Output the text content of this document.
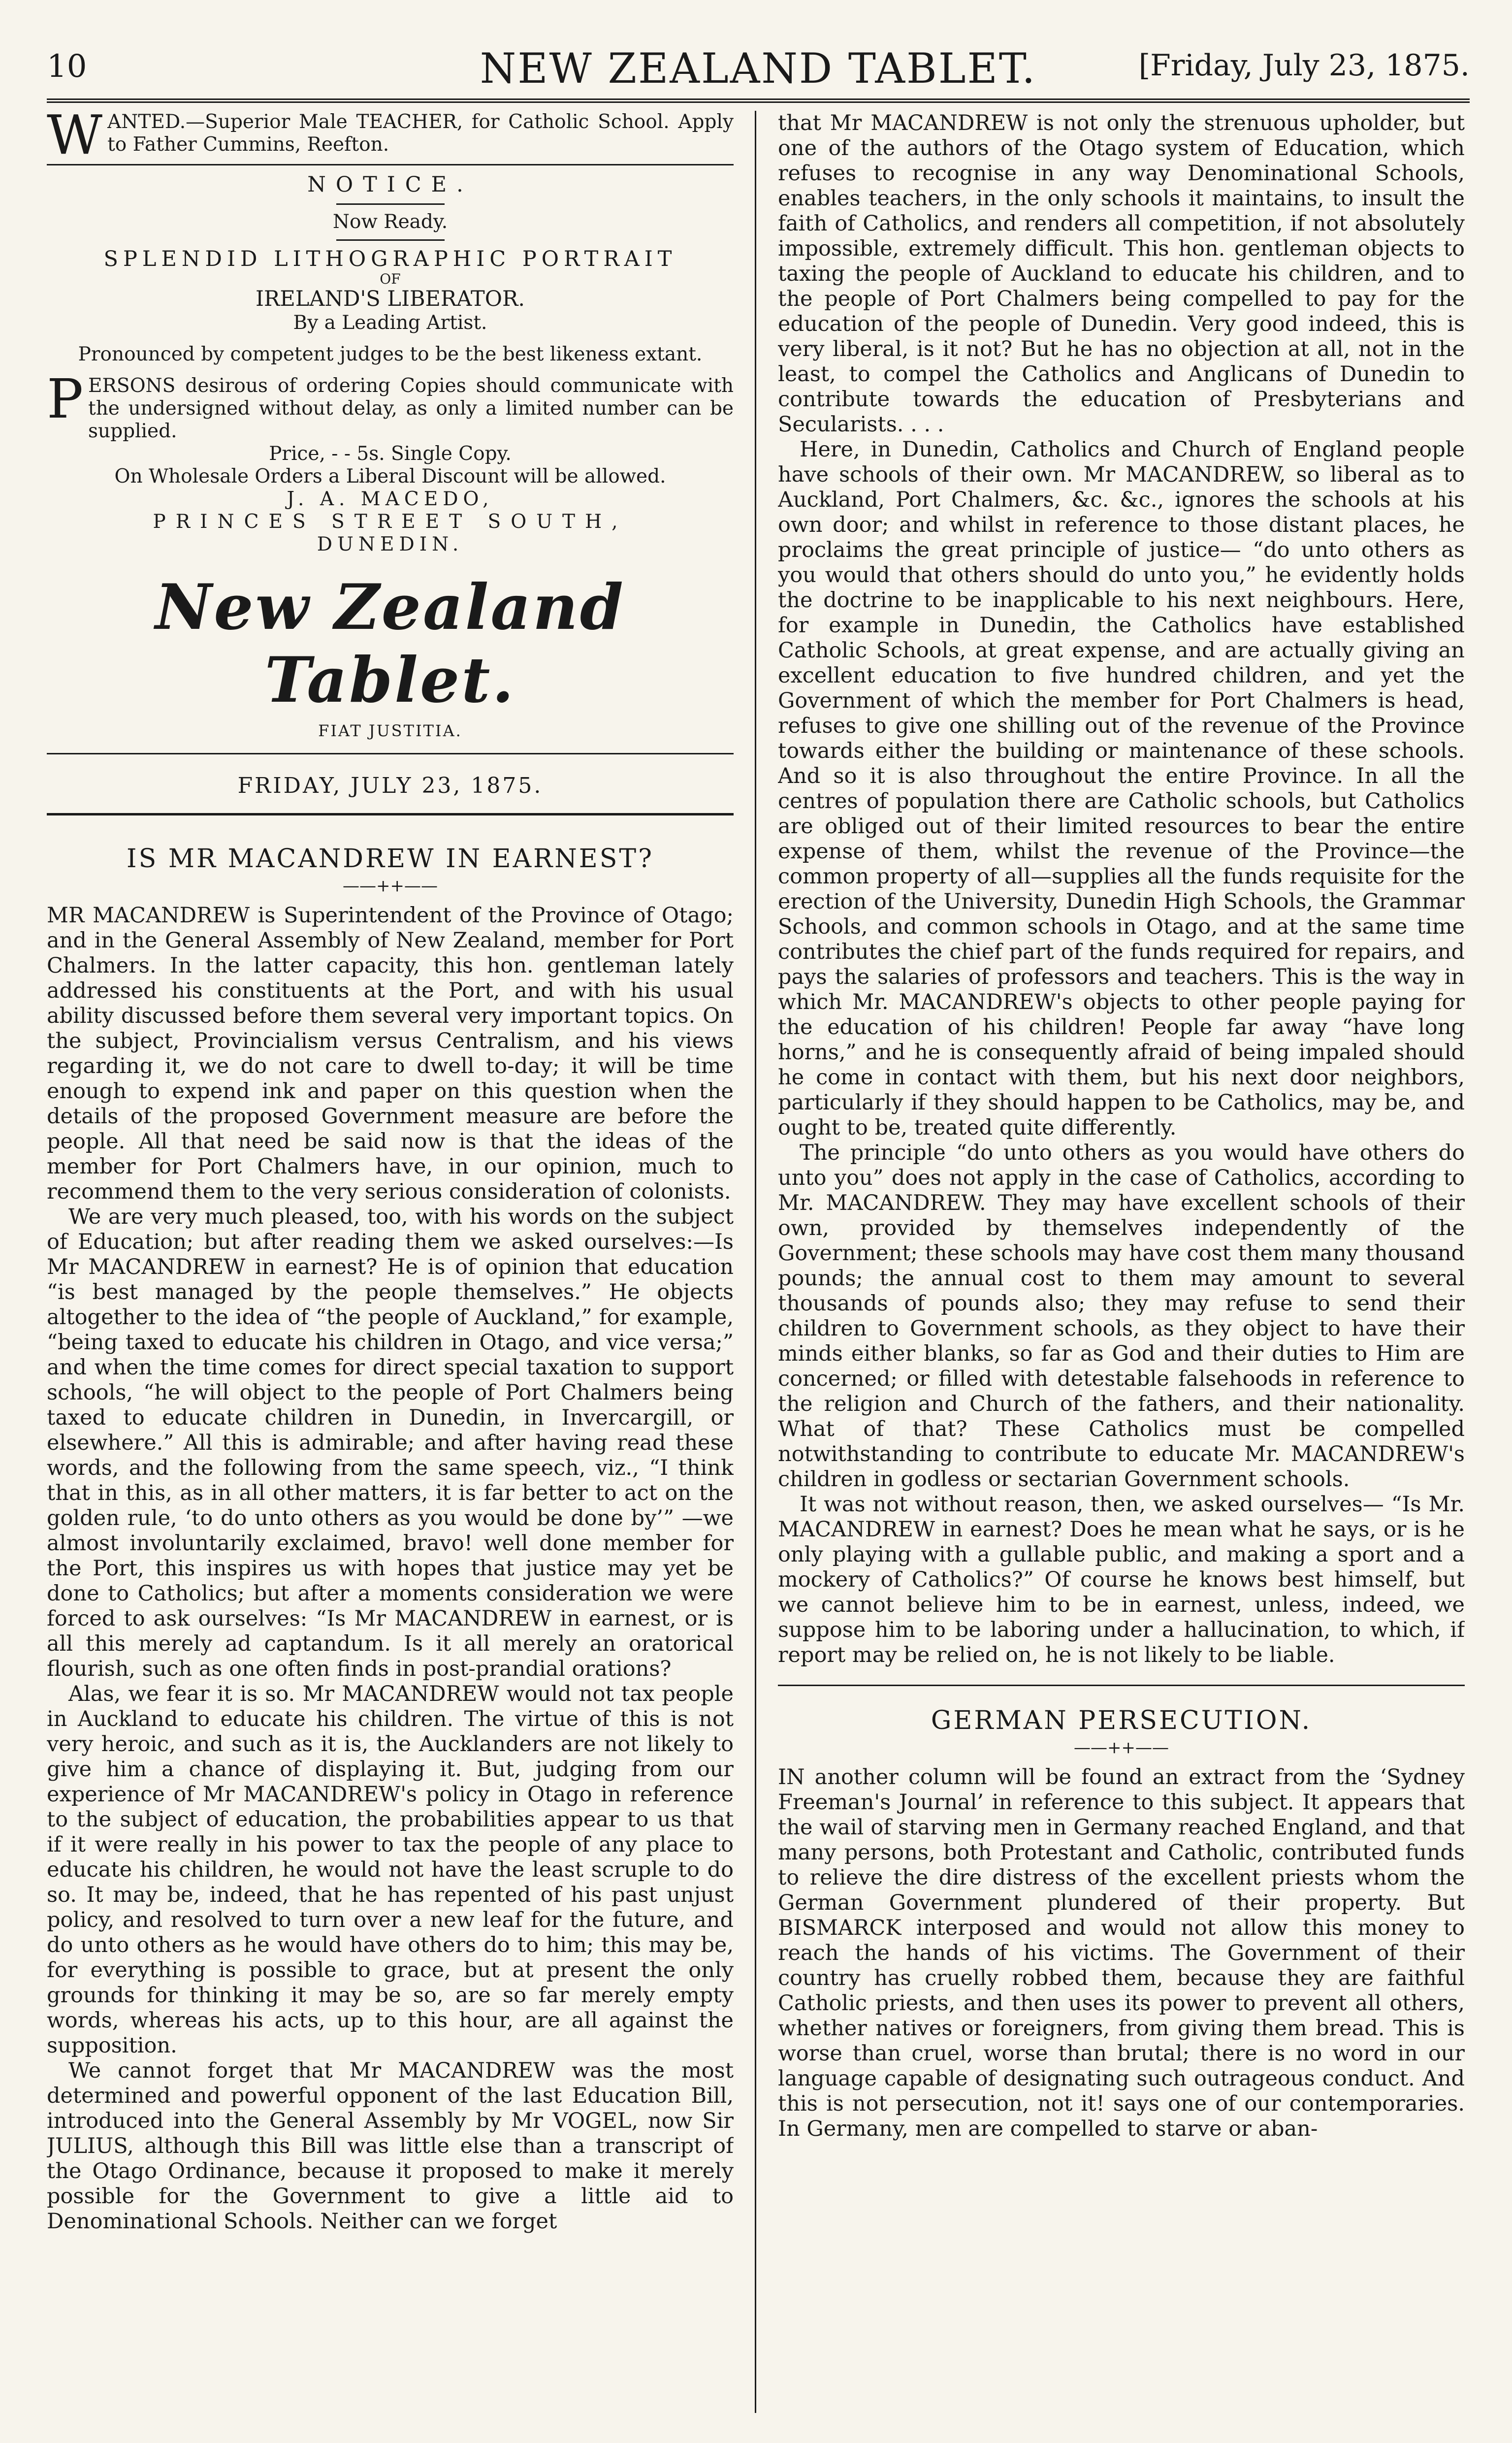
10	NEW ZEALAND TABLET.	[Friday, July 23, 1875.
W ANTED.—Superior Male TEACHER, for Catholic School. Apply to Father Cummins, Reefton.

NOTICE.

Now Ready.

SPLENDID LITHOGRAPHIC PORTRAIT

OF

IRELAND'S LIBERATOR.

By a Leading Artist.

Pronounced by competent judges to be the best likeness extant.

P ERSONS desirous of ordering Copies should communicate with the undersigned without delay, as only a limited number can be supplied.

Price, - - 5s. Single Copy.

On Wholesale Orders a Liberal Discount will be allowed.

J. A. MACEDO,

PRINCES STREET SOUTH,

DUNEDIN.

New Zealand Tablet.
FIAT JUSTITIA.
FRIDAY, JULY 23, 1875.
IS MR MACANDREW IN EARNEST?
——++——

MR MACANDREW is Superintendent of the Province of Otago; and in the General Assembly of New Zealand, member for Port Chalmers. In the latter capacity, this hon. gentleman lately addressed his constituents at the Port, and with his usual ability discussed before them several very important topics. On the subject, Provincialism versus Centralism, and his views regarding it, we do not care to dwell to-day; it will be time enough to expend ink and paper on this question when the details of the proposed Government measure are before the people. All that need be said now is that the ideas of the member for Port Chalmers have, in our opinion, much to recommend them to the very serious consideration of colonists.

We are very much pleased, too, with his words on the subject of Education; but after reading them we asked ourselves:—Is Mr MACANDREW in earnest? He is of opinion that education “is best managed by the people themselves.” He objects altogether to the idea of “the people of Auckland,” for example, “being taxed to educate his children in Otago, and vice versa;” and when the time comes for direct special taxation to support schools, “he will object to the people of Port Chalmers being taxed to educate children in Dunedin, in Invercargill, or elsewhere.” All this is admirable; and after having read these words, and the following from the same speech, viz., “I think that in this, as in all other matters, it is far better to act on the golden rule, ‘to do unto others as you would be done by’” —we almost involuntarily exclaimed, bravo! well done member for the Port, this inspires us with hopes that justice may yet be done to Catholics; but after a moments consideration we were forced to ask ourselves: “Is Mr MACANDREW in earnest, or is all this merely ad captandum. Is it all merely an oratorical flourish, such as one often finds in post-prandial orations?

Alas, we fear it is so. Mr MACANDREW would not tax people in Auckland to educate his children. The virtue of this is not very heroic, and such as it is, the Aucklanders are not likely to give him a chance of displaying it. But, judging from our experience of Mr MACANDREW's policy in Otago in reference to the subject of education, the probabilities appear to us that if it were really in his power to tax the people of any place to educate his children, he would not have the least scruple to do so. It may be, indeed, that he has repented of his past unjust policy, and resolved to turn over a new leaf for the future, and do unto others as he would have others do to him; this may be, for everything is possible to grace, but at present the only grounds for thinking it may be so, are so far merely empty words, whereas his acts, up to this hour, are all against the supposition.

We cannot forget that Mr MACANDREW was the most determined and powerful opponent of the last Education Bill, introduced into the General Assembly by Mr VOGEL, now Sir JULIUS, although this Bill was little else than a transcript of the Otago Ordinance, because it proposed to make it merely possible for the Government to give a little aid to Denominational Schools. Neither can we forget

that Mr MACANDREW is not only the strenuous upholder, but one of the authors of the Otago system of Education, which refuses to recognise in any way Denominational Schools, enables teachers, in the only schools it maintains, to insult the faith of Catholics, and renders all competition, if not absolutely impossible, extremely difficult. This hon. gentleman objects to taxing the people of Auckland to educate his children, and to the people of Port Chalmers being compelled to pay for the education of the people of Dunedin. Very good indeed, this is very liberal, is it not? But he has no objection at all, not in the least, to compel the Catholics and Anglicans of Dunedin to contribute towards the education of Presbyterians and Secularists. . . .

Here, in Dunedin, Catholics and Church of England people have schools of their own. Mr MACANDREW, so liberal as to Auckland, Port Chalmers, &c. &c., ignores the schools at his own door; and whilst in reference to those distant places, he proclaims the great principle of justice— “do unto others as you would that others should do unto you,” he evidently holds the doctrine to be inapplicable to his next neighbours. Here, for example in Dunedin, the Catholics have established Catholic Schools, at great expense, and are actually giving an excellent education to five hundred children, and yet the Government of which the member for Port Chalmers is head, refuses to give one shilling out of the revenue of the Province towards either the building or maintenance of these schools. And so it is also throughout the entire Province. In all the centres of population there are Catholic schools, but Catholics are obliged out of their limited resources to bear the entire expense of them, whilst the revenue of the Province—the common property of all—supplies all the funds requisite for the erection of the University, Dunedin High Schools, the Grammar Schools, and common schools in Otago, and at the same time contributes the chief part of the funds required for repairs, and pays the salaries of professors and teachers. This is the way in which Mr. MACANDREW's objects to other people paying for the education of his children! People far away “have long horns,” and he is consequently afraid of being impaled should he come in contact with them, but his next door neighbors, particularly if they should happen to be Catholics, may be, and ought to be, treated quite differently.

The principle “do unto others as you would have others do unto you” does not apply in the case of Catholics, according to Mr. MACANDREW. They may have excellent schools of their own, provided by themselves independently of the Government; these schools may have cost them many thousand pounds; the annual cost to them may amount to several thousands of pounds also; they may refuse to send their children to Government schools, as they object to have their minds either blanks, so far as God and their duties to Him are concerned; or filled with detestable falsehoods in reference to the religion and Church of the fathers, and their nationality. What of that? These Catholics must be compelled notwithstanding to contribute to educate Mr. MACANDREW's children in godless or sectarian Government schools.

It was not without reason, then, we asked ourselves— “Is Mr. MACANDREW in earnest? Does he mean what he says, or is he only playing with a gullable public, and making a sport and a mockery of Catholics?” Of course he knows best himself, but we cannot believe him to be in earnest, unless, indeed, we suppose him to be laboring under a hallucination, to which, if report may be relied on, he is not likely to be liable.

GERMAN PERSECUTION.
——++——

IN another column will be found an extract from the ‘Sydney Freeman's Journal’ in reference to this subject. It appears that the wail of starving men in Germany reached England, and that many persons, both Protestant and Catholic, contributed funds to relieve the dire distress of the excellent priests whom the German Government plundered of their property. But BISMARCK interposed and would not allow this money to reach the hands of his victims. The Government of their country has cruelly robbed them, because they are faithful Catholic priests, and then uses its power to prevent all others, whether natives or foreigners, from giving them bread. This is worse than cruel, worse than brutal; there is no word in our language capable of designating such outrageous conduct. And this is not persecution, not it! says one of our contemporaries. In Germany, men are compelled to starve or aban-
